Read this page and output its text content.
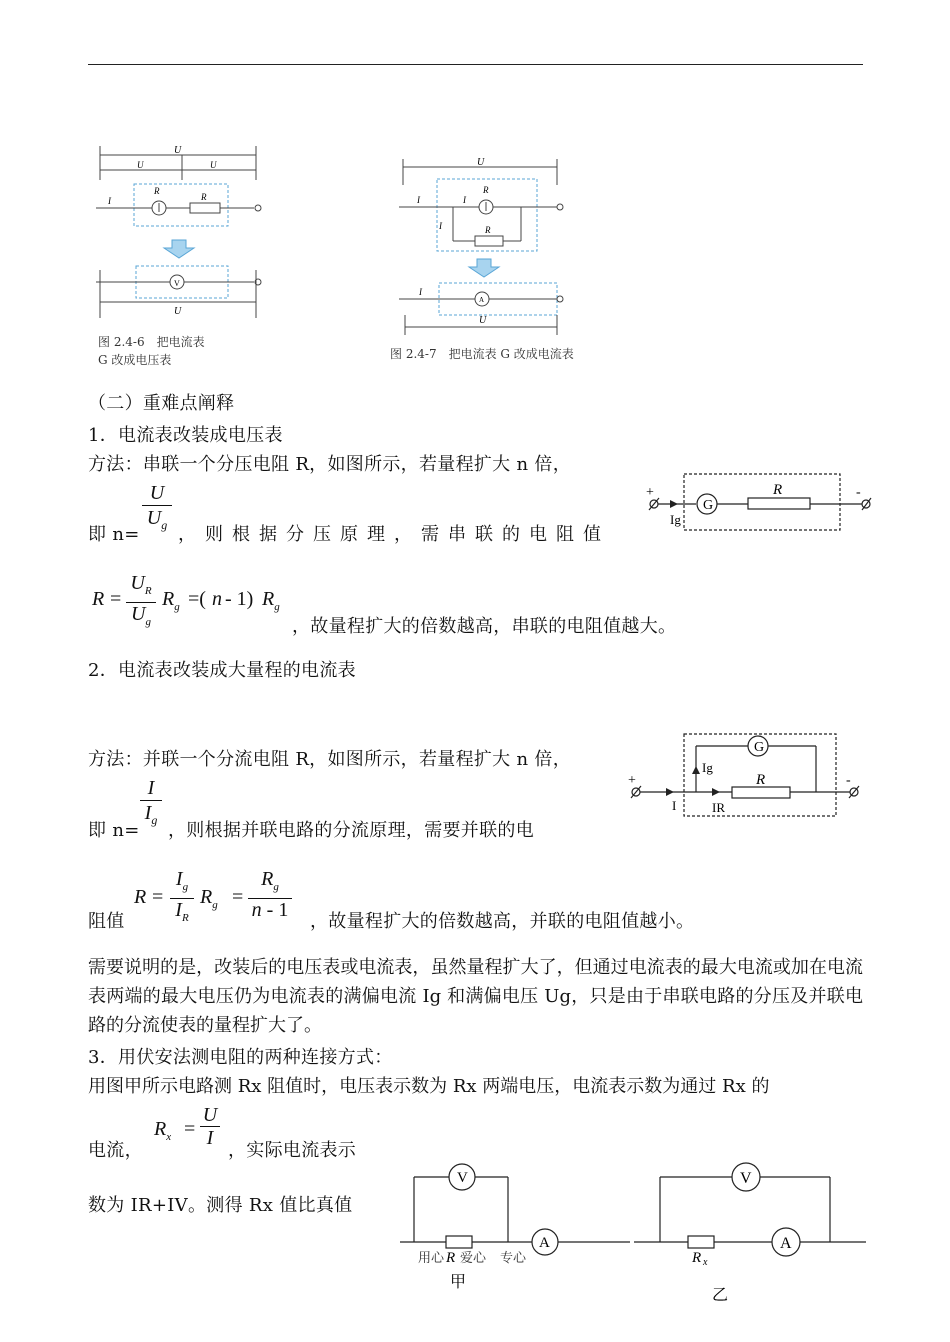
U
U	U
I
R
R
V
U
图 2.4-6　把电流表
G 改成电压表
U
I	I
R
I	R
I
A
U
图 2.4-7　把电流表 G 改成电流表
（二）重难点阐释
1．电流表改装成电压表
方法：串联一个分压电阻 R，如图所示，若量程扩大 n 倍，
即 n=
U
$U_g$ ，则根据分压原理，需串联的电阻值
R =
$U_R$
$U_g$
$R_g$ =( n - 1) $R_g$
，故量程扩大的倍数越高，串联的电阻值越大。
G
R
+	-
Ig
2．电流表改装成大量程的电流表
方法：并联一个分流电阻 R，如图所示，若量程扩大 n 倍，
即 n=
I
$I_g$ ，则根据并联电路的分流原理，需要并联的电
G
R
Ig
I	IR
+	-
阻值
R =
$I_g$
$I_R$
$R_g$ =
$R_g$
n - 1
，故量程扩大的倍数越高，并联的电阻值越小。
需要说明的是，改装后的电压表或电流表，虽然量程扩大了，但通过电流表的最大电流或加在电流表两端的最大电压仍为电流表的满偏电流 Ig 和满偏电压 Ug，只是由于串联电路的分压及并联电路的分流使表的量程扩大了。
3．用伏安法测电阻的两种连接方式：
用图甲所示电路测 Rx 阻值时，电压表示数为 Rx 两端电压，电流表示数为通过 Rx 的
电流，
$R_x$ =
U
I
，实际电流表示
数为 IR+IV。测得 Rx 值比真值
V
A
用心 R 爱心 专心
甲
V
A
R x
乙
